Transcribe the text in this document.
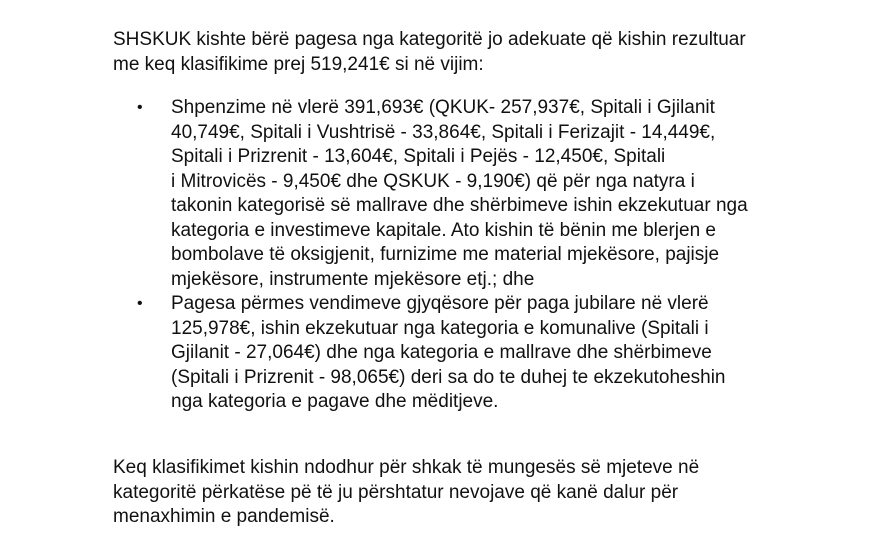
SHSKUK kishte bërë pagesa nga kategoritë jo adekuate që kishin rezultuar
me keq klasifikime prej 519,241€ si në vijim:

• Shpenzime në vlerë 391,693€ (QKUK- 257,937€, Spitali i Gjilanit
40,749€, Spitali i Vushtrisë - 33,864€, Spitali i Ferizajit - 14,449€,
Spitali i Prizrenit - 13,604€, Spitali i Pejës - 12,450€, Spitali
i Mitrovicës - 9,450€ dhe QSKUK - 9,190€) që për nga natyra i
takonin kategorisë së mallrave dhe shërbimeve ishin ekzekutuar nga
kategoria e investimeve kapitale. Ato kishin të bënin me blerjen e
bombolave të oksigjenit, furnizime me material mjekësore, pajisje
mjekësore, instrumente mjekësore etj.; dhe
• Pagesa përmes vendimeve gjyqësore për paga jubilare në vlerë
125,978€, ishin ekzekutuar nga kategoria e komunalive (Spitali i
Gjilanit - 27,064€) dhe nga kategoria e mallrave dhe shërbimeve
(Spitali i Prizrenit - 98,065€) deri sa do te duhej te ekzekutoheshin
nga kategoria e pagave dhe mëditjeve.

Keq klasifikimet kishin ndodhur për shkak të mungesës së mjeteve në
kategoritë përkatëse pë të ju përshtatur nevojave që kanë dalur për
menaxhimin e pandemisë.
